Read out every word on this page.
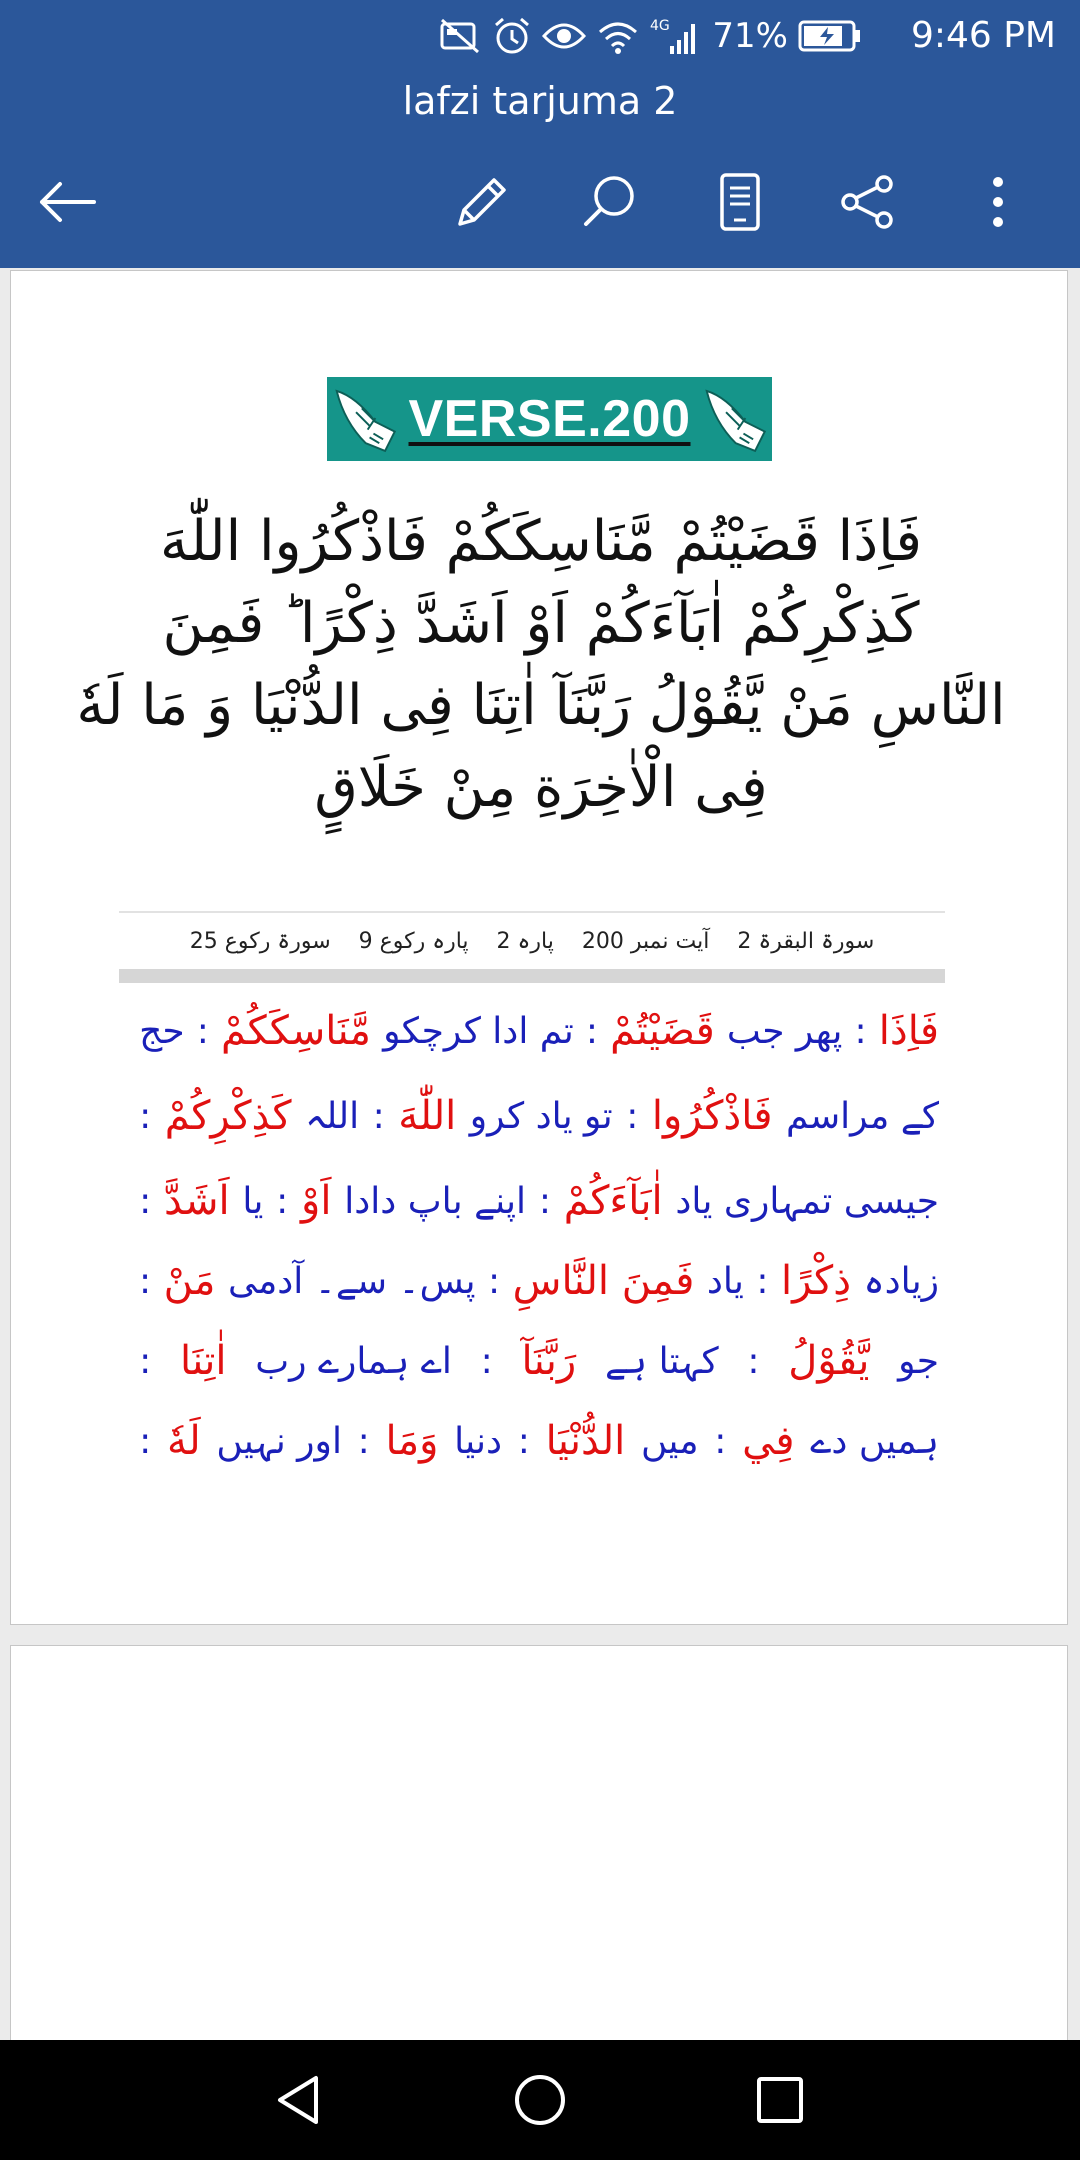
4G 71%	9:46 PM
lafzi tarjuma 2
VERSE.200
فَاِذَا قَضَيْتُمْ مَّنَاسِكَكُمْ فَاذْكُرُوا اللّٰهَ
كَذِكْرِكُمْ اٰبَآءَكُمْ اَوْ اَشَدَّ ذِكْرًا ؕ فَمِنَ
النَّاسِ مَنْ يَّقُوْلُ رَبَّنَآ اٰتِنَا فِى الدُّنْيَا وَ مَا لَهٗ
فِى الْاٰخِرَةِ مِنْ خَلَاقٍ
سورۃ البقرۃ 2
آیت نمبر 200
پارہ 2
پارہ رکوع 9
سورۃ رکوع 25
فَاِذَا
:
پھر جب
قَضَيْتُمْ
:
تم ادا کرچکو
مَّنَاسِكَكُمْ
:
حج
کے مراسم
فَاذْكُرُوا
:
تو یاد کرو
اللّٰهَ
:
اللہ
كَذِكْرِكُمْ
:
جیسی تمہاری یاد
اٰبَآءَكُمْ
:
اپنے باپ دادا
اَوْ
:
یا
اَشَدَّ
:
زیادہ
ذِكْرًا
:
یاد
فَمِنَ النَّاسِ
:
پس۔ سے۔ آدمی
مَنْ
:
جو
يَّقُوْلُ
:
کہتا ہے
رَبَّنَآ
:
اے ہمارے رب
اٰتِنَا
:
ہمیں دے
فِي
:
میں
الدُّنْيَا
:
دنیا
وَمَا
:
اور نہیں
لَهٗ
:
